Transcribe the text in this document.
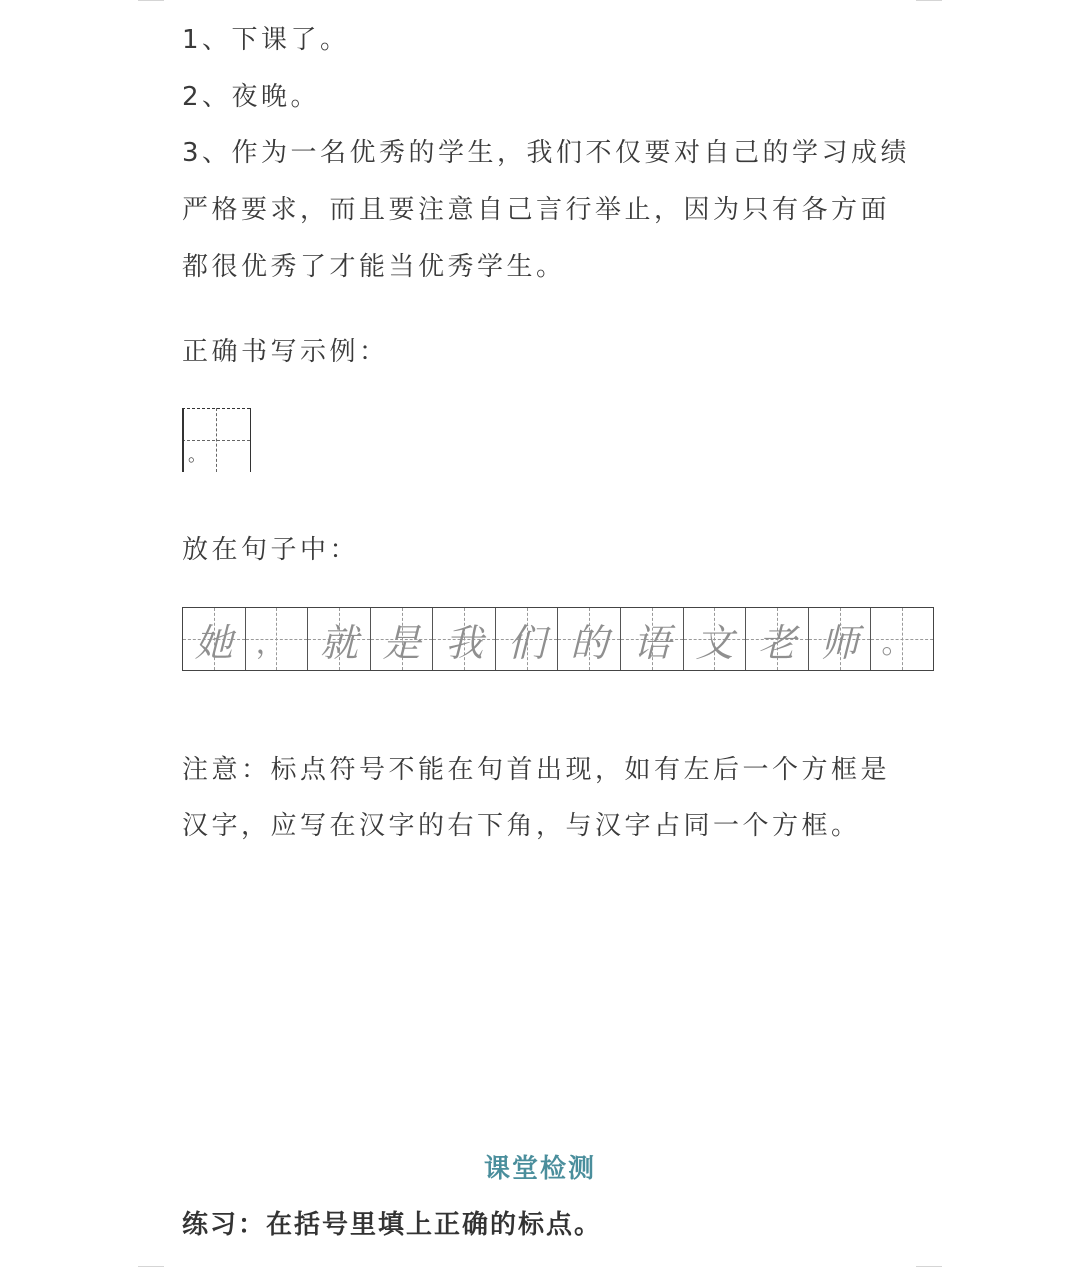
1、下课了。
2、夜晚。
3、作为一名优秀的学生，我们不仅要对自己的学习成绩
严格要求，而且要注意自己言行举止，因为只有各方面
都很优秀了才能当优秀学生。
正确书写示例：
。
放在句子中：
她 ， 就 是 我 们 的 语 文 老 师 。
注意：标点符号不能在句首出现，如有左后一个方框是
汉字，应写在汉字的右下角，与汉字占同一个方框。
课堂检测
练习：在括号里填上正确的标点。
